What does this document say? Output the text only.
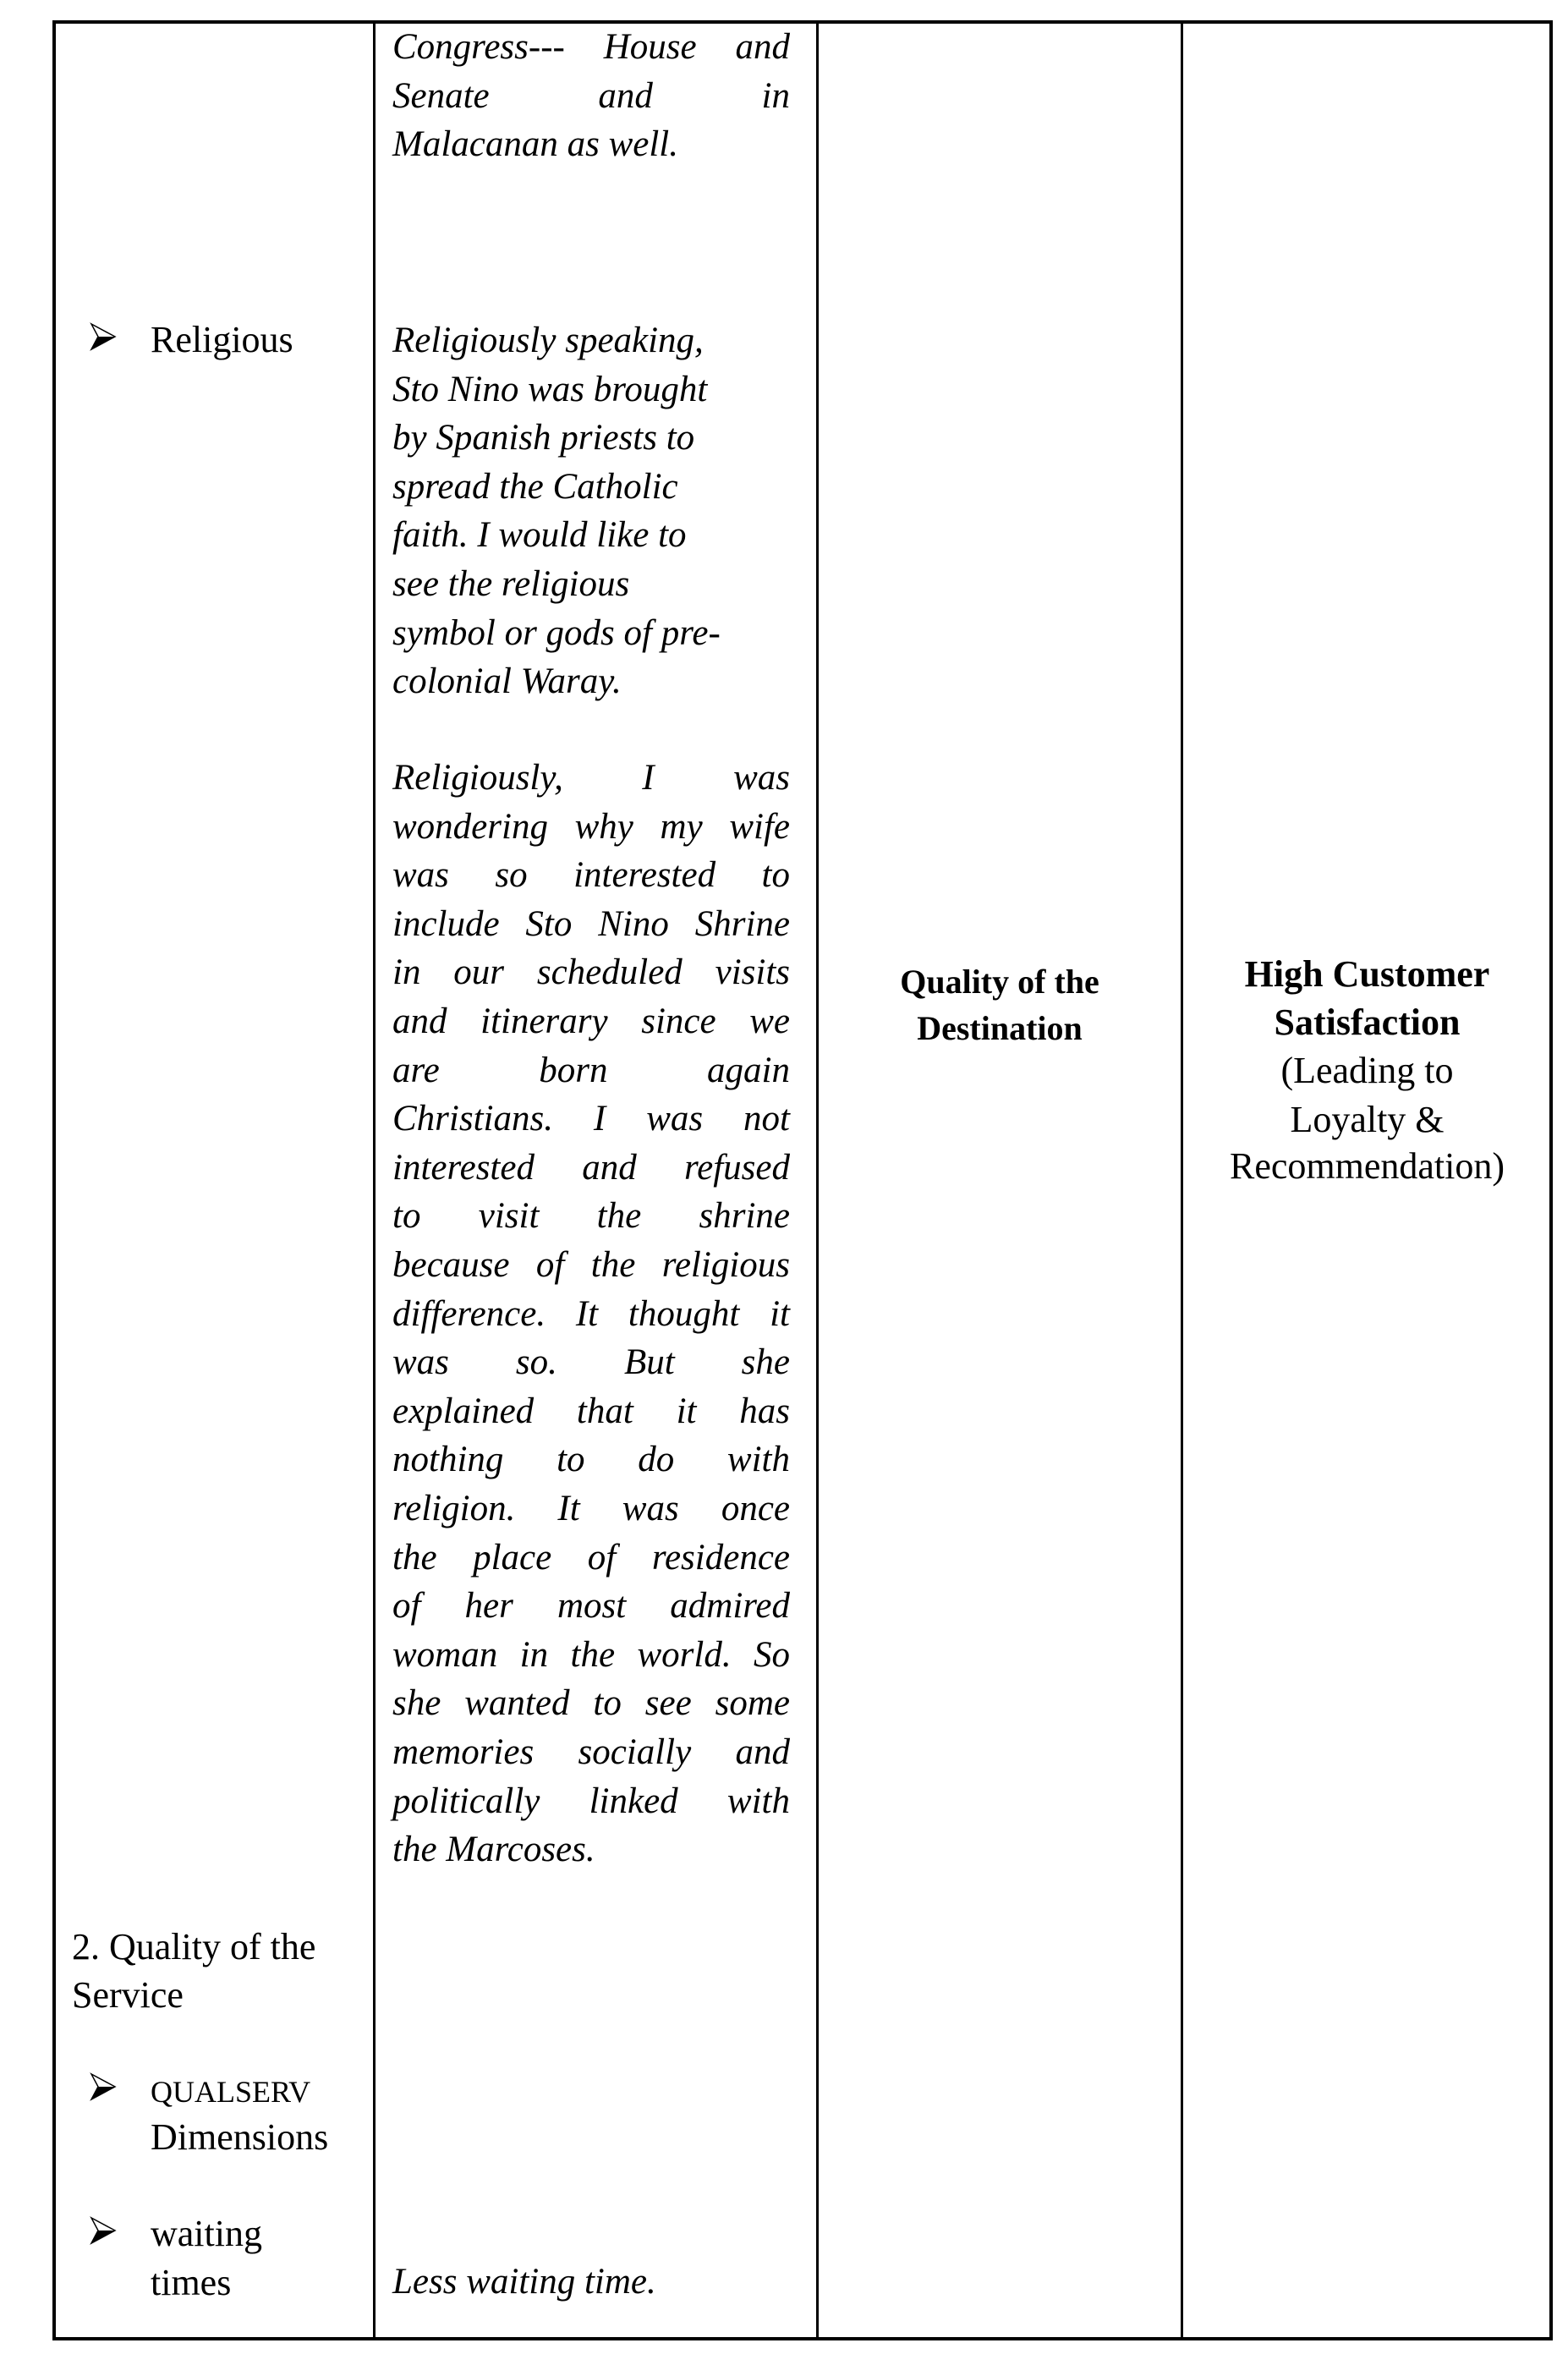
Religious
2. Quality of the
Service
QUALSERV
Dimensions
waiting
times
Congress--- House and
Senate and in
Malacanan as well.
Religiously speaking,
Sto Nino was brought
by Spanish priests to
spread the Catholic
faith. I would like to
see the religious
symbol or gods of pre-
colonial Waray.
Religiously, I was
wondering why my wife
was so interested to
include Sto Nino Shrine
in our scheduled visits
and itinerary since we
are born again
Christians. I was not
interested and refused
to visit the shrine
because of the religious
difference. It thought it
was so. But she
explained that it has
nothing to do with
religion. It was once
the place of residence
of her most admired
woman in the world. So
she wanted to see some
memories socially and
politically linked with
the Marcoses.
Less waiting time.
Quality of the
Destination
High Customer
Satisfaction
(Leading to
Loyalty &
Recommendation)
